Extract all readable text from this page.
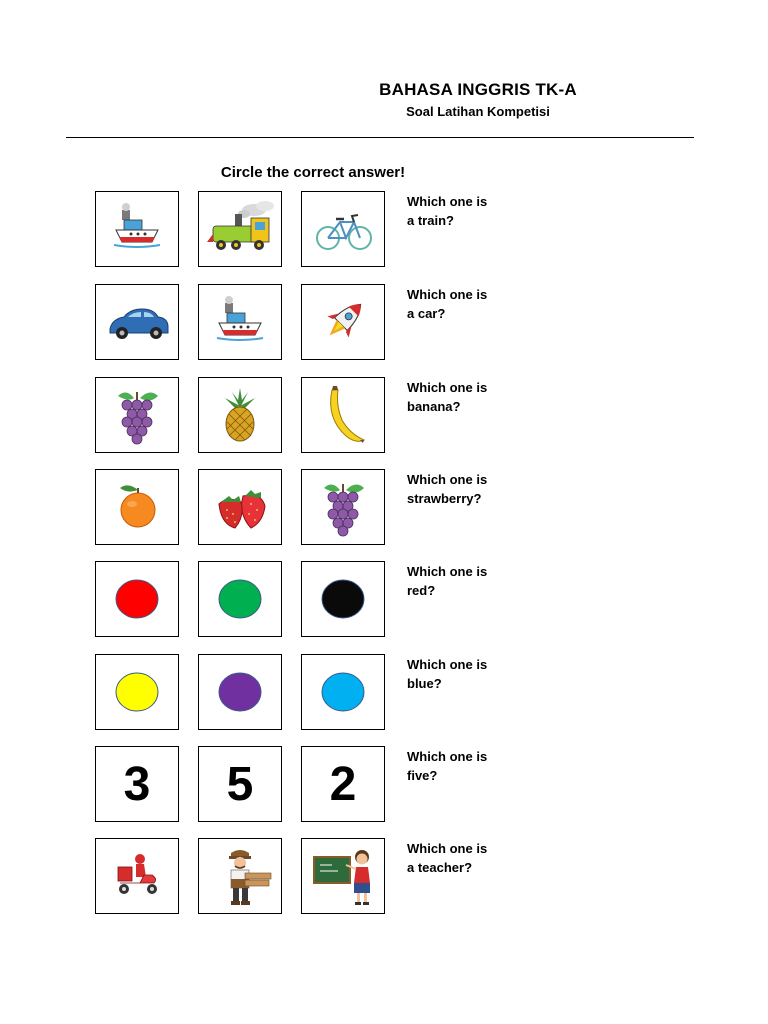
BAHASA INGGRIS TK-A
Soal Latihan Kompetisi
Circle the correct answer!
Which one is
a train?
Which one is
a car?
Which one is
banana?
Which one is
strawberry?
Which one is
red?
Which one is
blue?
3	5	2
Which one is
five?
Which one is
a teacher?
